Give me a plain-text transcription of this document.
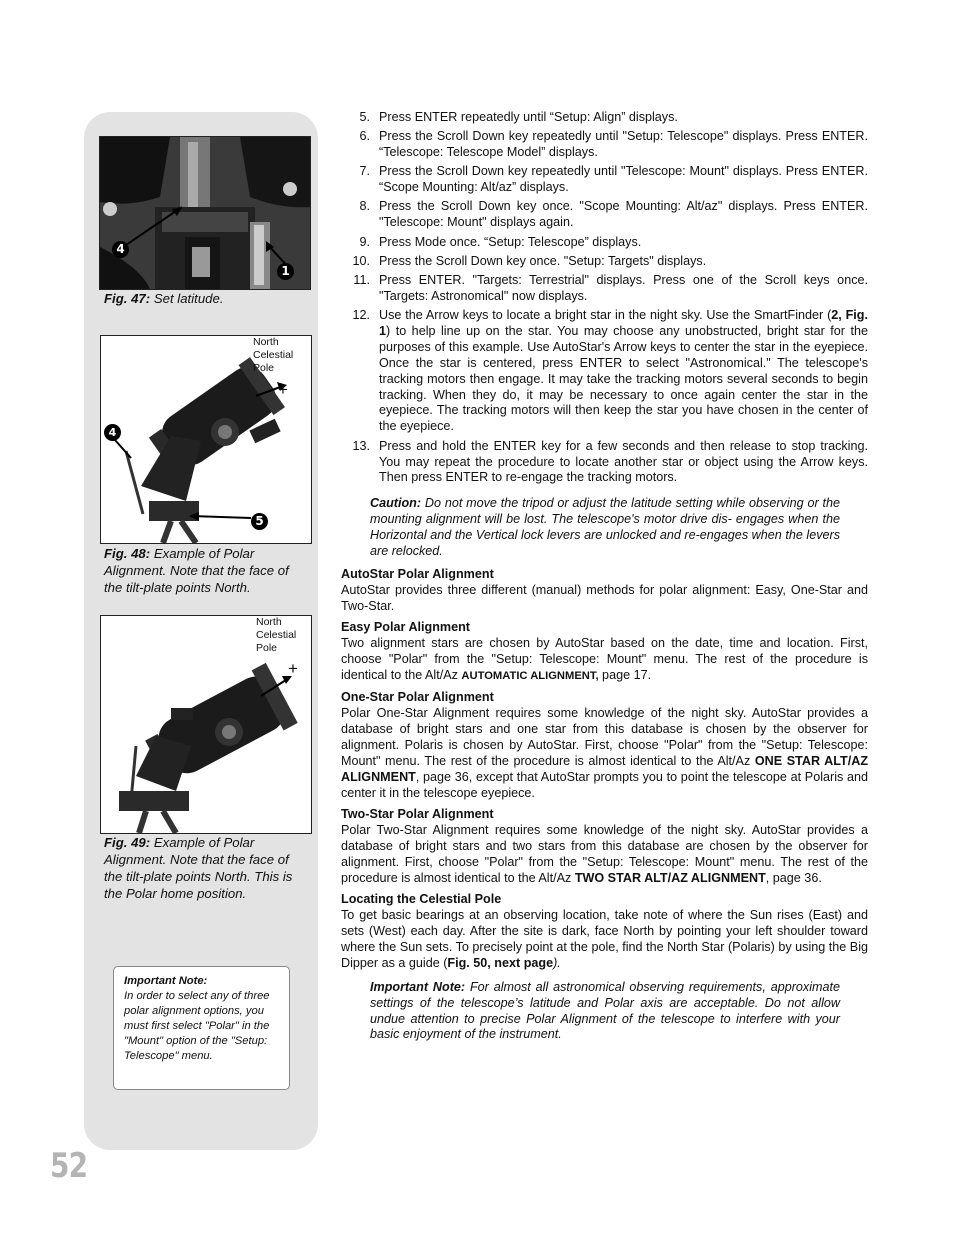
4
1
Fig. 47: Set latitude.
North
Celestial
Pole
+
4
5
Fig. 48: Example of Polar Alignment. Note that the face of the tilt-plate points North.
North
Celestial
Pole
+
Fig. 49: Example of Polar Alignment. Note that the face of the tilt-plate points North. This is the Polar home position.
Important Note:
In order to select any of three polar alignment options, you must first select "Polar" in the "Mount" option of the "Setup: Telescope" menu.
52
5. Press ENTER repeatedly until “Setup: Align” displays.
6. Press the Scroll Down key repeatedly until "Setup: Telescope" displays. Press ENTER. “Telescope: Telescope Model” displays.
7. Press the Scroll Down key repeatedly until "Telescope: Mount" displays. Press ENTER. “Scope Mounting: Alt/az” displays.
8. Press the Scroll Down key once. "Scope Mounting: Alt/az" displays. Press ENTER. "Telescope: Mount" displays again.
9. Press Mode once. “Setup: Telescope” displays.
10. Press the Scroll Down key once. "Setup: Targets" displays.
11. Press ENTER. "Targets: Terrestrial" displays. Press one of the Scroll keys once. "Targets: Astronomical" now displays.
12. Use the Arrow keys to locate a bright star in the night sky. Use the SmartFinder (2, Fig. 1) to help line up on the star. You may choose any unobstructed, bright star for the purposes of this example. Use AutoStar's Arrow keys to center the star in the eyepiece. Once the star is centered, press ENTER to select "Astronomical." The telescope's tracking motors then engage. It may take the tracking motors several seconds to begin tracking. When they do, it may be necessary to once again center the star in the eyepiece. The tracking motors will then keep the star you have chosen in the center of the eyepiece.
13. Press and hold the ENTER key for a few seconds and then release to stop tracking. You may repeat the procedure to locate another star or object using the Arrow keys. Then press ENTER to re-engage the tracking motors.
Caution: Do not move the tripod or adjust the latitude setting while observing or the mounting alignment will be lost. The telescope's motor drive dis- engages when the Horizontal and the Vertical lock levers are unlocked and re-engages when the levers are relocked.
AutoStar Polar Alignment

AutoStar provides three different (manual) methods for polar alignment: Easy, One-Star and Two-Star.

Easy Polar Alignment

Two alignment stars are chosen by AutoStar based on the date, time and location. First, choose "Polar" from the "Setup: Telescope: Mount" menu. The rest of the procedure is identical to the Alt/Az AUTOMATIC ALIGNMENT, page 17.

One-Star Polar Alignment

Polar One-Star Alignment requires some knowledge of the night sky. AutoStar provides a database of bright stars and one star from this database is chosen by the observer for alignment. Polaris is chosen by AutoStar. First, choose "Polar" from the "Setup: Telescope: Mount" menu. The rest of the procedure is almost identical to the Alt/Az ONE STAR ALT/AZ ALIGNMENT, page 36, except that AutoStar prompts you to point the telescope at Polaris and center it in the telescope eyepiece.

Two-Star Polar Alignment

Polar Two-Star Alignment requires some knowledge of the night sky. AutoStar provides a database of bright stars and two stars from this database are chosen by the observer for alignment. First, choose "Polar" from the "Setup: Telescope: Mount" menu. The rest of the procedure is almost identical to the Alt/Az TWO STAR ALT/AZ ALIGNMENT, page 36.

Locating the Celestial Pole

To get basic bearings at an observing location, take note of where the Sun rises (East) and sets (West) each day. After the site is dark, face North by pointing your left shoulder toward where the Sun sets. To precisely point at the pole, find the North Star (Polaris) by using the Big Dipper as a guide (Fig. 50, next page).

Important Note: For almost all astronomical observing requirements, approximate settings of the telescope’s latitude and Polar axis are acceptable. Do not allow undue attention to precise Polar Alignment of the telescope to interfere with your basic enjoyment of the instrument.
